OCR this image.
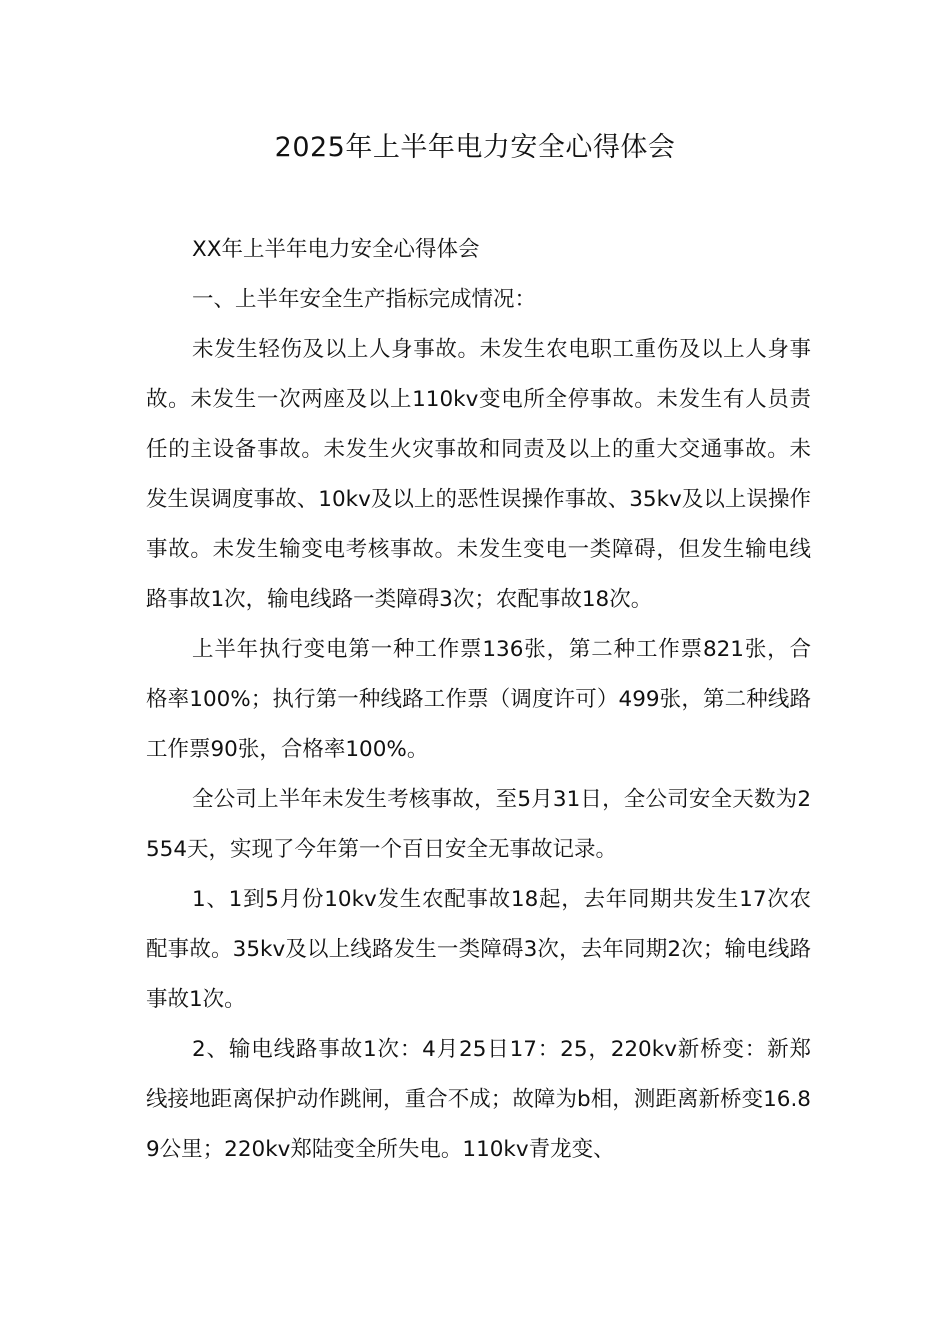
2025年上半年电力安全心得体会

XX年上半年电力安全心得体会

一、上半年安全生产指标完成情况：

未发生轻伤及以上人身事故。未发生农电职工重伤及以上人身事故。未发生一次两座及以上110kv变电所全停事故。未发生有人员责任的主设备事故。未发生火灾事故和同责及以上的重大交通事故。未发生误调度事故、10kv及以上的恶性误操作事故、35kv及以上误操作事故。未发生输变电考核事故。未发生变电一类障碍，但发生输电线路事故1次，输电线路一类障碍3次；农配事故18次。

上半年执行变电第一种工作票136张，第二种工作票821张，合格率100%；执行第一种线路工作票（调度许可）499张，第二种线路工作票90张，合格率100%。

全公司上半年未发生考核事故，至5月31日，全公司安全天数为2554天，实现了今年第一个百日安全无事故记录。

1、1到5月份10kv发生农配事故18起，去年同期共发生17次农配事故。35kv及以上线路发生一类障碍3次，去年同期2次；输电线路事故1次。

2、输电线路事故1次：4月25日17：25，220kv新桥变：新郑线接地距离保护动作跳闸，重合不成；故障为b相，测距离新桥变16.89公里；220kv郑陆变全所失电。110kv青龙变、
